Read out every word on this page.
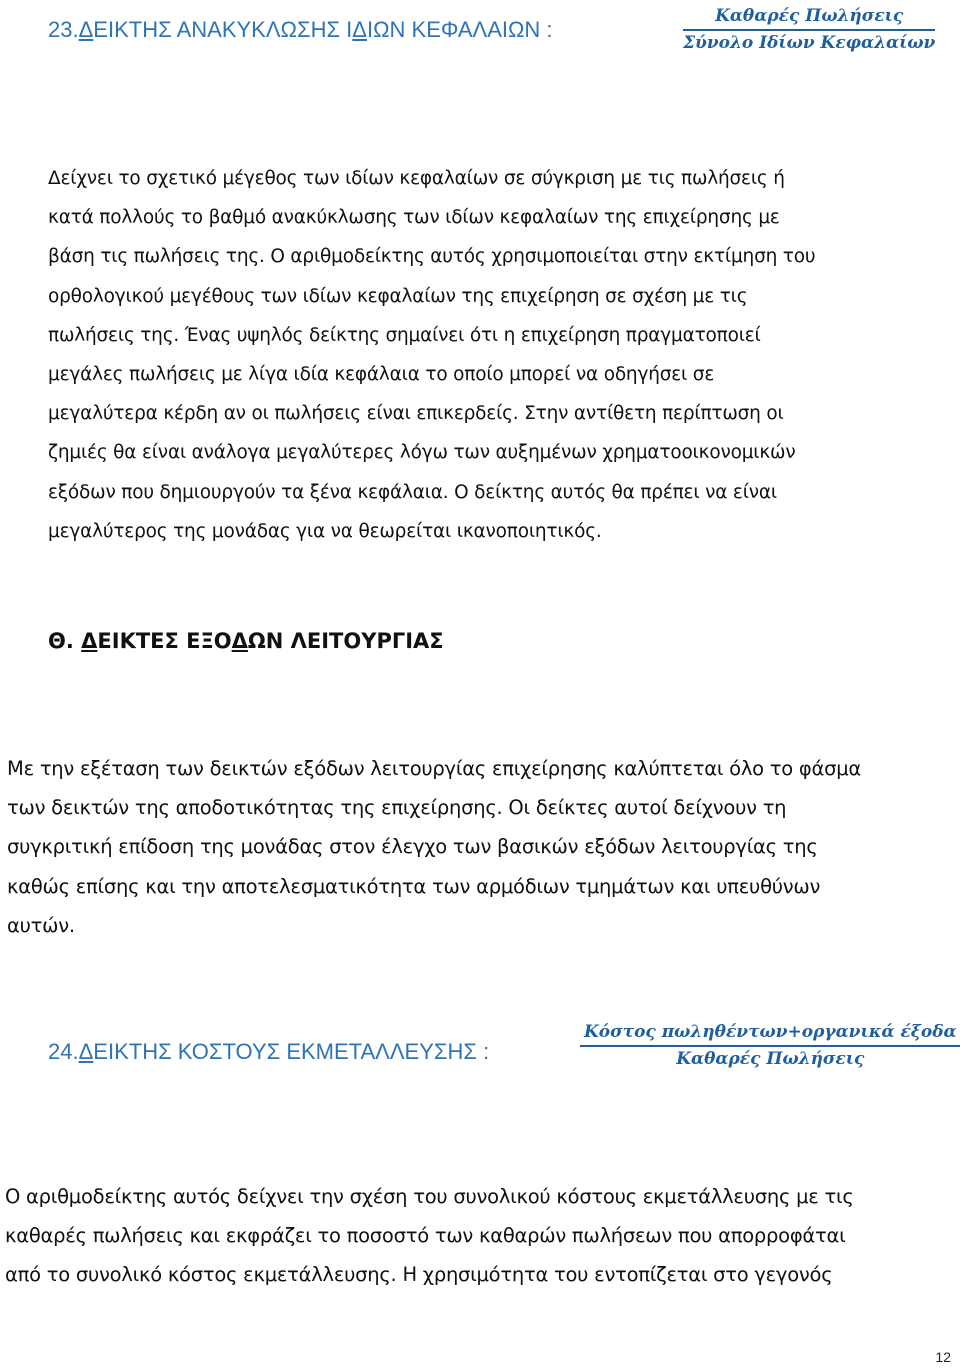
23.ΔΕΙΚΤΗΣ ΑΝΑΚΥΚΛΩΣΗΣ ΙΔΙΩΝ ΚΕΦΑΛΑΙΩΝ :
Καθαρές Πωλήσεις
Σύνολο Ιδίων Κεφαλαίων
Δείχνει το σχετικό μέγεθος των ιδίων κεφαλαίων σε σύγκριση με τις πωλήσεις ή
κατά πολλούς το βαθμό ανακύκλωσης των ιδίων κεφαλαίων της επιχείρησης με
βάση τις πωλήσεις της. Ο αριθμοδείκτης αυτός χρησιμοποιείται στην εκτίμηση του
ορθολογικού μεγέθους των ιδίων κεφαλαίων της επιχείρηση σε σχέση με τις
πωλήσεις της. Ένας υψηλός δείκτης σημαίνει ότι η επιχείρηση πραγματοποιεί
μεγάλες πωλήσεις με λίγα ιδία κεφάλαια το οποίο μπορεί να οδηγήσει σε
μεγαλύτερα κέρδη αν οι πωλήσεις είναι επικερδείς. Στην αντίθετη περίπτωση οι
ζημιές θα είναι ανάλογα μεγαλύτερες λόγω των αυξημένων χρηματοοικονομικών
εξόδων που δημιουργούν τα ξένα κεφάλαια. Ο δείκτης αυτός θα πρέπει να είναι
μεγαλύτερος της μονάδας για να θεωρείται ικανοποιητικός.
Θ. ΔΕΙΚΤΕΣ ΕΞΟΔΩΝ ΛΕΙΤΟΥΡΓΙΑΣ
Με την εξέταση των δεικτών εξόδων λειτουργίας επιχείρησης καλύπτεται όλο το φάσμα
των δεικτών της αποδοτικότητας της επιχείρησης. Οι δείκτες αυτοί δείχνουν τη
συγκριτική επίδοση της μονάδας στον έλεγχο των βασικών εξόδων λειτουργίας της
καθώς επίσης και την αποτελεσματικότητα των αρμόδιων τμημάτων και υπευθύνων
αυτών.
24.ΔΕΙΚΤΗΣ ΚΟΣΤΟΥΣ ΕΚΜΕΤΑΛΛΕΥΣΗΣ :
Κόστος πωληθέντων+οργανικά έξοδα
Καθαρές Πωλήσεις
Ο αριθμοδείκτης αυτός δείχνει την σχέση του συνολικού κόστους εκμετάλλευσης με τις
καθαρές πωλήσεις και εκφράζει το ποσοστό των καθαρών πωλήσεων που απορροφάται
από το συνολικό κόστος εκμετάλλευσης. Η χρησιμότητα του εντοπίζεται στο γεγονός
12
